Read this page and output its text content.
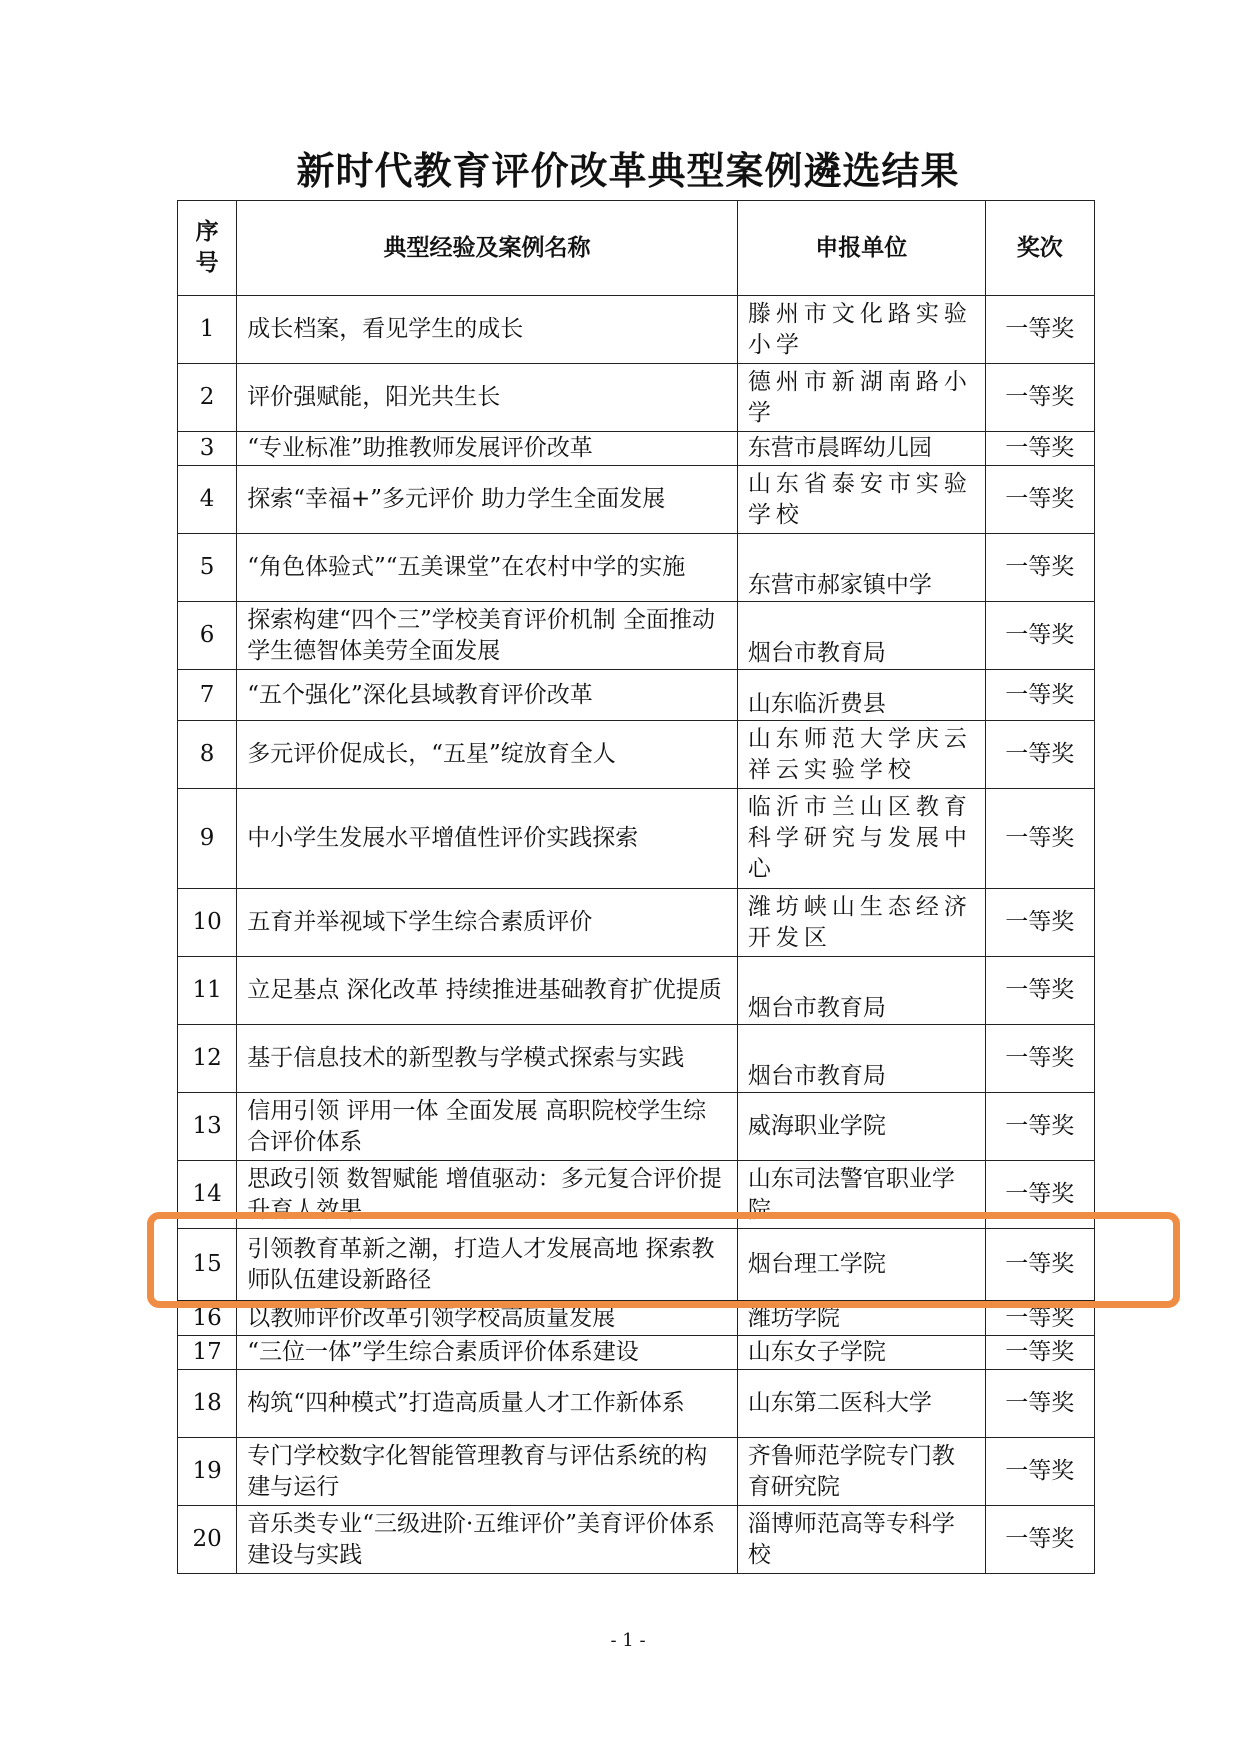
新时代教育评价改革典型案例遴选结果
序号	典型经验及案例名称	申报单位	奖次
1	成长档案，看见学生的成长	滕州市文化路实验小学	一等奖
2	评价强赋能，阳光共生长	德州市新湖南路小学	一等奖
3	“专业标准”助推教师发展评价改革	东营市晨晖幼儿园	一等奖
4	探索“幸福+”多元评价 助力学生全面发展	山东省泰安市实验学校	一等奖
5	“角色体验式”“五美课堂”在农村中学的实施	东营市郝家镇中学	一等奖
6	探索构建“四个三”学校美育评价机制 全面推动学生德智体美劳全面发展	烟台市教育局	一等奖
7	“五个强化”深化县域教育评价改革	山东临沂费县	一等奖
8	多元评价促成长，“五星”绽放育全人	山东师范大学庆云祥云实验学校	一等奖
9	中小学生发展水平增值性评价实践探索	临沂市兰山区教育科学研究与发展中心	一等奖
10	五育并举视域下学生综合素质评价	潍坊峡山生态经济开发区	一等奖
11	立足基点 深化改革 持续推进基础教育扩优提质	烟台市教育局	一等奖
12	基于信息技术的新型教与学模式探索与实践	烟台市教育局	一等奖
13	信用引领 评用一体 全面发展 高职院校学生综合评价体系	威海职业学院	一等奖
14	思政引领 数智赋能 增值驱动：多元复合评价提升育人效果	山东司法警官职业学院	一等奖
15	引领教育革新之潮，打造人才发展高地 探索教师队伍建设新路径	烟台理工学院	一等奖
16	以教师评价改革引领学校高质量发展	潍坊学院	一等奖
17	“三位一体”学生综合素质评价体系建设	山东女子学院	一等奖
18	构筑“四种模式”打造高质量人才工作新体系	山东第二医科大学	一等奖
19	专门学校数字化智能管理教育与评估系统的构建与运行	齐鲁师范学院专门教育研究院	一等奖
20	音乐类专业“三级进阶·五维评价”美育评价体系建设与实践	淄博师范高等专科学校	一等奖
- 1 -
